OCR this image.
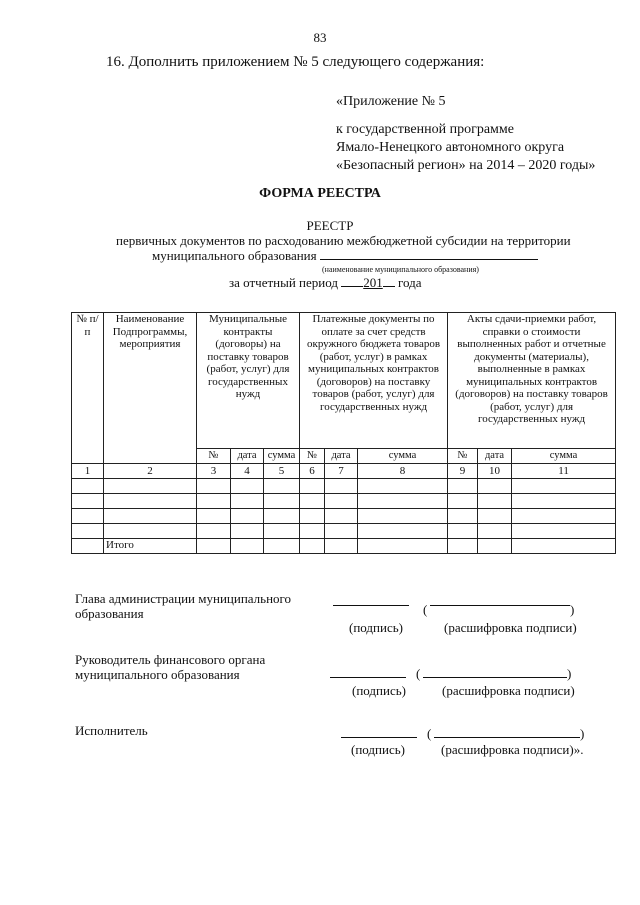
83
16. Дополнить приложением № 5 следующего содержания:
«Приложение № 5
к государственной программе
Ямало-Ненецкого автономного округа
«Безопасный регион» на 2014 – 2020 годы»
ФОРМА РЕЕСТРА
РЕЕСТР
первичных документов по расходованию межбюджетной субсидии на территории
муниципального образования
(наименование муниципального образования)
за отчетный период 201 года
№ п/п	Наименование Подпрограммы, мероприятия	Муниципальные контракты (договоры) на поставку товаров (работ, услуг) для государственных нужд			Платежные документы по оплате за счет средств окружного бюджета товаров (работ, услуг) в рамках муниципальных контрактов (договоров) на поставку товаров (работ, услуг) для государственных нужд			Акты сдачи-приемки работ, справки о стоимости выполненных работ и отчетные документы (материалы), выполненные в рамках муниципальных контрактов (договоров) на поставку товаров (работ, услуг) для государственных нужд		
		№	дата	сумма	№	дата	сумма	№	дата	сумма
1	2	3	4	5	6	7	8	9	10	11

	Итого									
Глава администрации муниципального
образования	(	)
(подпись)	(расшифровка подписи)
Руководитель финансового органа
муниципального образования	(	)
(подпись)	(расшифровка подписи)
Исполнитель	(	)
(подпись)	(расшифровка подписи)».
